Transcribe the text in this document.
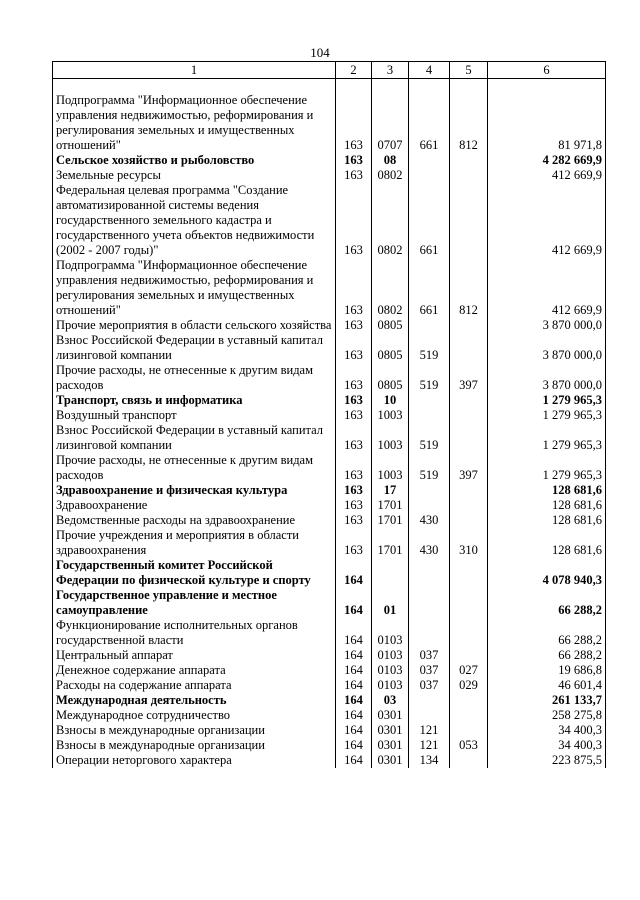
104
1	2	3	4	5	6

Подпрограмма "Информационное обеспечение управления недвижимостью, реформирования и регулирования земельных и имущественных отношений"	163	0707	661	812	81 971,8
Сельское хозяйство и рыболовство	163	08			4 282 669,9
Земельные ресурсы	163	0802			412 669,9
Федеральная целевая программа "Создание автоматизированной системы ведения государственного земельного кадастра и государственного учета объектов недвижимости (2002 - 2007 годы)"	163	0802	661		412 669,9
Подпрограмма "Информационное обеспечение управления недвижимостью, реформирования и регулирования земельных и имущественных отношений"	163	0802	661	812	412 669,9
Прочие мероприятия в области сельского хозяйства	163	0805			3 870 000,0
Взнос Российской Федерации в уставный капитал лизинговой компании	163	0805	519		3 870 000,0
Прочие расходы, не отнесенные к другим видам расходов	163	0805	519	397	3 870 000,0
Транспорт, связь и информатика	163	10			1 279 965,3
Воздушный транспорт	163	1003			1 279 965,3
Взнос Российской Федерации в уставный капитал лизинговой компании	163	1003	519		1 279 965,3
Прочие расходы, не отнесенные к другим видам расходов	163	1003	519	397	1 279 965,3
Здравоохранение и физическая культура	163	17			128 681,6
Здравоохранение	163	1701			128 681,6
Ведомственные расходы на здравоохранение	163	1701	430		128 681,6
Прочие учреждения и мероприятия в области здравоохранения	163	1701	430	310	128 681,6
Государственный комитет Российской Федерации по физической культуре и спорту	164				4 078 940,3
Государственное управление и местное самоуправление	164	01			66 288,2
Функционирование исполнительных органов государственной власти	164	0103			66 288,2
Центральный аппарат	164	0103	037		66 288,2
Денежное содержание аппарата	164	0103	037	027	19 686,8
Расходы на содержание аппарата	164	0103	037	029	46 601,4
Международная деятельность	164	03			261 133,7
Международное сотрудничество	164	0301			258 275,8
Взносы в международные организации	164	0301	121		34 400,3
Взносы в международные организации	164	0301	121	053	34 400,3
Операции неторгового характера	164	0301	134		223 875,5
